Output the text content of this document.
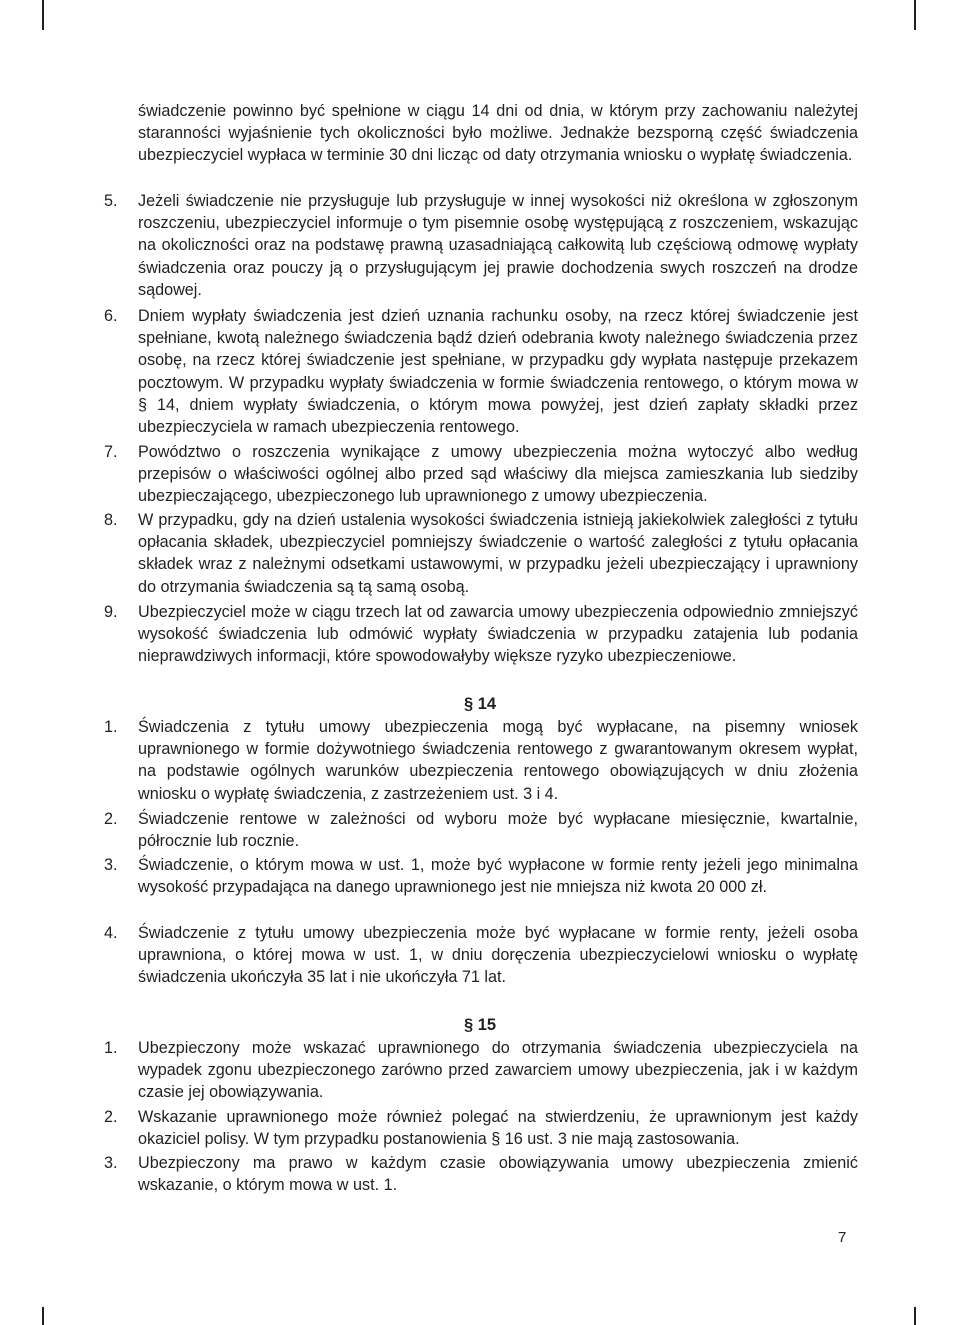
świadczenie powinno być spełnione w ciągu 14 dni od dnia, w którym przy zachowaniu należytej staranności wyjaśnienie tych okoliczności było możliwe. Jednakże bezsporną część świadczenia ubezpieczyciel wypłaca w terminie 30 dni licząc od daty otrzymania wniosku o wypłatę świadczenia.
5.	Jeżeli świadczenie nie przysługuje lub przysługuje w innej wysokości niż określona w zgłoszonym roszczeniu, ubezpieczyciel informuje o tym pisemnie osobę występującą z roszczeniem, wskazując na okoliczności oraz na podstawę prawną uzasadniającą całkowitą lub częściową odmowę wypłaty świadczenia oraz pouczy ją o przysługującym jej prawie dochodzenia swych roszczeń na drodze sądowej.
6.	Dniem wypłaty świadczenia jest dzień uznania rachunku osoby, na rzecz której świadczenie jest spełniane, kwotą należnego świadczenia bądź dzień odebrania kwoty należnego świadczenia przez osobę, na rzecz której świadczenie jest spełniane, w przypadku gdy wypłata następuje przekazem pocztowym. W przypadku wypłaty świadczenia w formie świadczenia rentowego, o którym mowa w § 14, dniem wypłaty świadczenia, o którym mowa powyżej, jest dzień zapłaty składki przez ubezpieczyciela w ramach ubezpieczenia rentowego.
7.	Powództwo o roszczenia wynikające z umowy ubezpieczenia można wytoczyć albo według przepisów o właściwości ogólnej albo przed sąd właściwy dla miejsca zamieszkania lub siedziby ubezpieczającego, ubezpieczonego lub uprawnionego z umowy ubezpieczenia.
8.	W przypadku, gdy na dzień ustalenia wysokości świadczenia istnieją jakiekolwiek zaległości z tytułu opłacania składek, ubezpieczyciel pomniejszy świadczenie o wartość zaległości z tytułu opłacania składek wraz z należnymi odsetkami ustawowymi, w przypadku jeżeli ubezpieczający i uprawniony do otrzymania świadczenia są tą samą osobą.
9.	Ubezpieczyciel może w ciągu trzech lat od zawarcia umowy ubezpieczenia odpowiednio zmniejszyć wysokość świadczenia lub odmówić wypłaty świadczenia w przypadku zatajenia lub podania nieprawdziwych informacji, które spowodowałyby większe ryzyko ubezpieczeniowe.
§ 14
1.	Świadczenia z tytułu umowy ubezpieczenia mogą być wypłacane, na pisemny wniosek uprawnionego w formie dożywotniego świadczenia rentowego z gwarantowanym okresem wypłat, na podstawie ogólnych warunków ubezpieczenia rentowego obowiązujących w dniu złożenia wniosku o wypłatę świadczenia, z zastrzeżeniem ust. 3 i 4.
2.	Świadczenie rentowe w zależności od wyboru może być wypłacane miesięcznie, kwartalnie, półrocznie lub rocznie.
3.	Świadczenie, o którym mowa w ust. 1, może być wypłacone w formie renty jeżeli jego minimalna wysokość przypadająca na danego uprawnionego jest nie mniejsza niż kwota 20 000 zł.
4.	Świadczenie z tytułu umowy ubezpieczenia może być wypłacane w formie renty, jeżeli osoba uprawniona, o której mowa w ust. 1, w dniu doręczenia ubezpieczycielowi wniosku o wypłatę świadczenia ukończyła 35 lat i nie ukończyła 71 lat.
§ 15
1.	Ubezpieczony może wskazać uprawnionego do otrzymania świadczenia ubezpieczyciela na wypadek zgonu ubezpieczonego zarówno przed zawarciem umowy ubezpieczenia, jak i w każdym czasie jej obowiązywania.
2.	Wskazanie uprawnionego może również polegać na stwierdzeniu, że uprawnionym jest każdy okaziciel polisy. W tym przypadku postanowienia § 16 ust. 3 nie mają zastosowania.
3.	Ubezpieczony ma prawo w każdym czasie obowiązywania umowy ubezpieczenia zmienić wskazanie, o którym mowa w ust. 1.
7
